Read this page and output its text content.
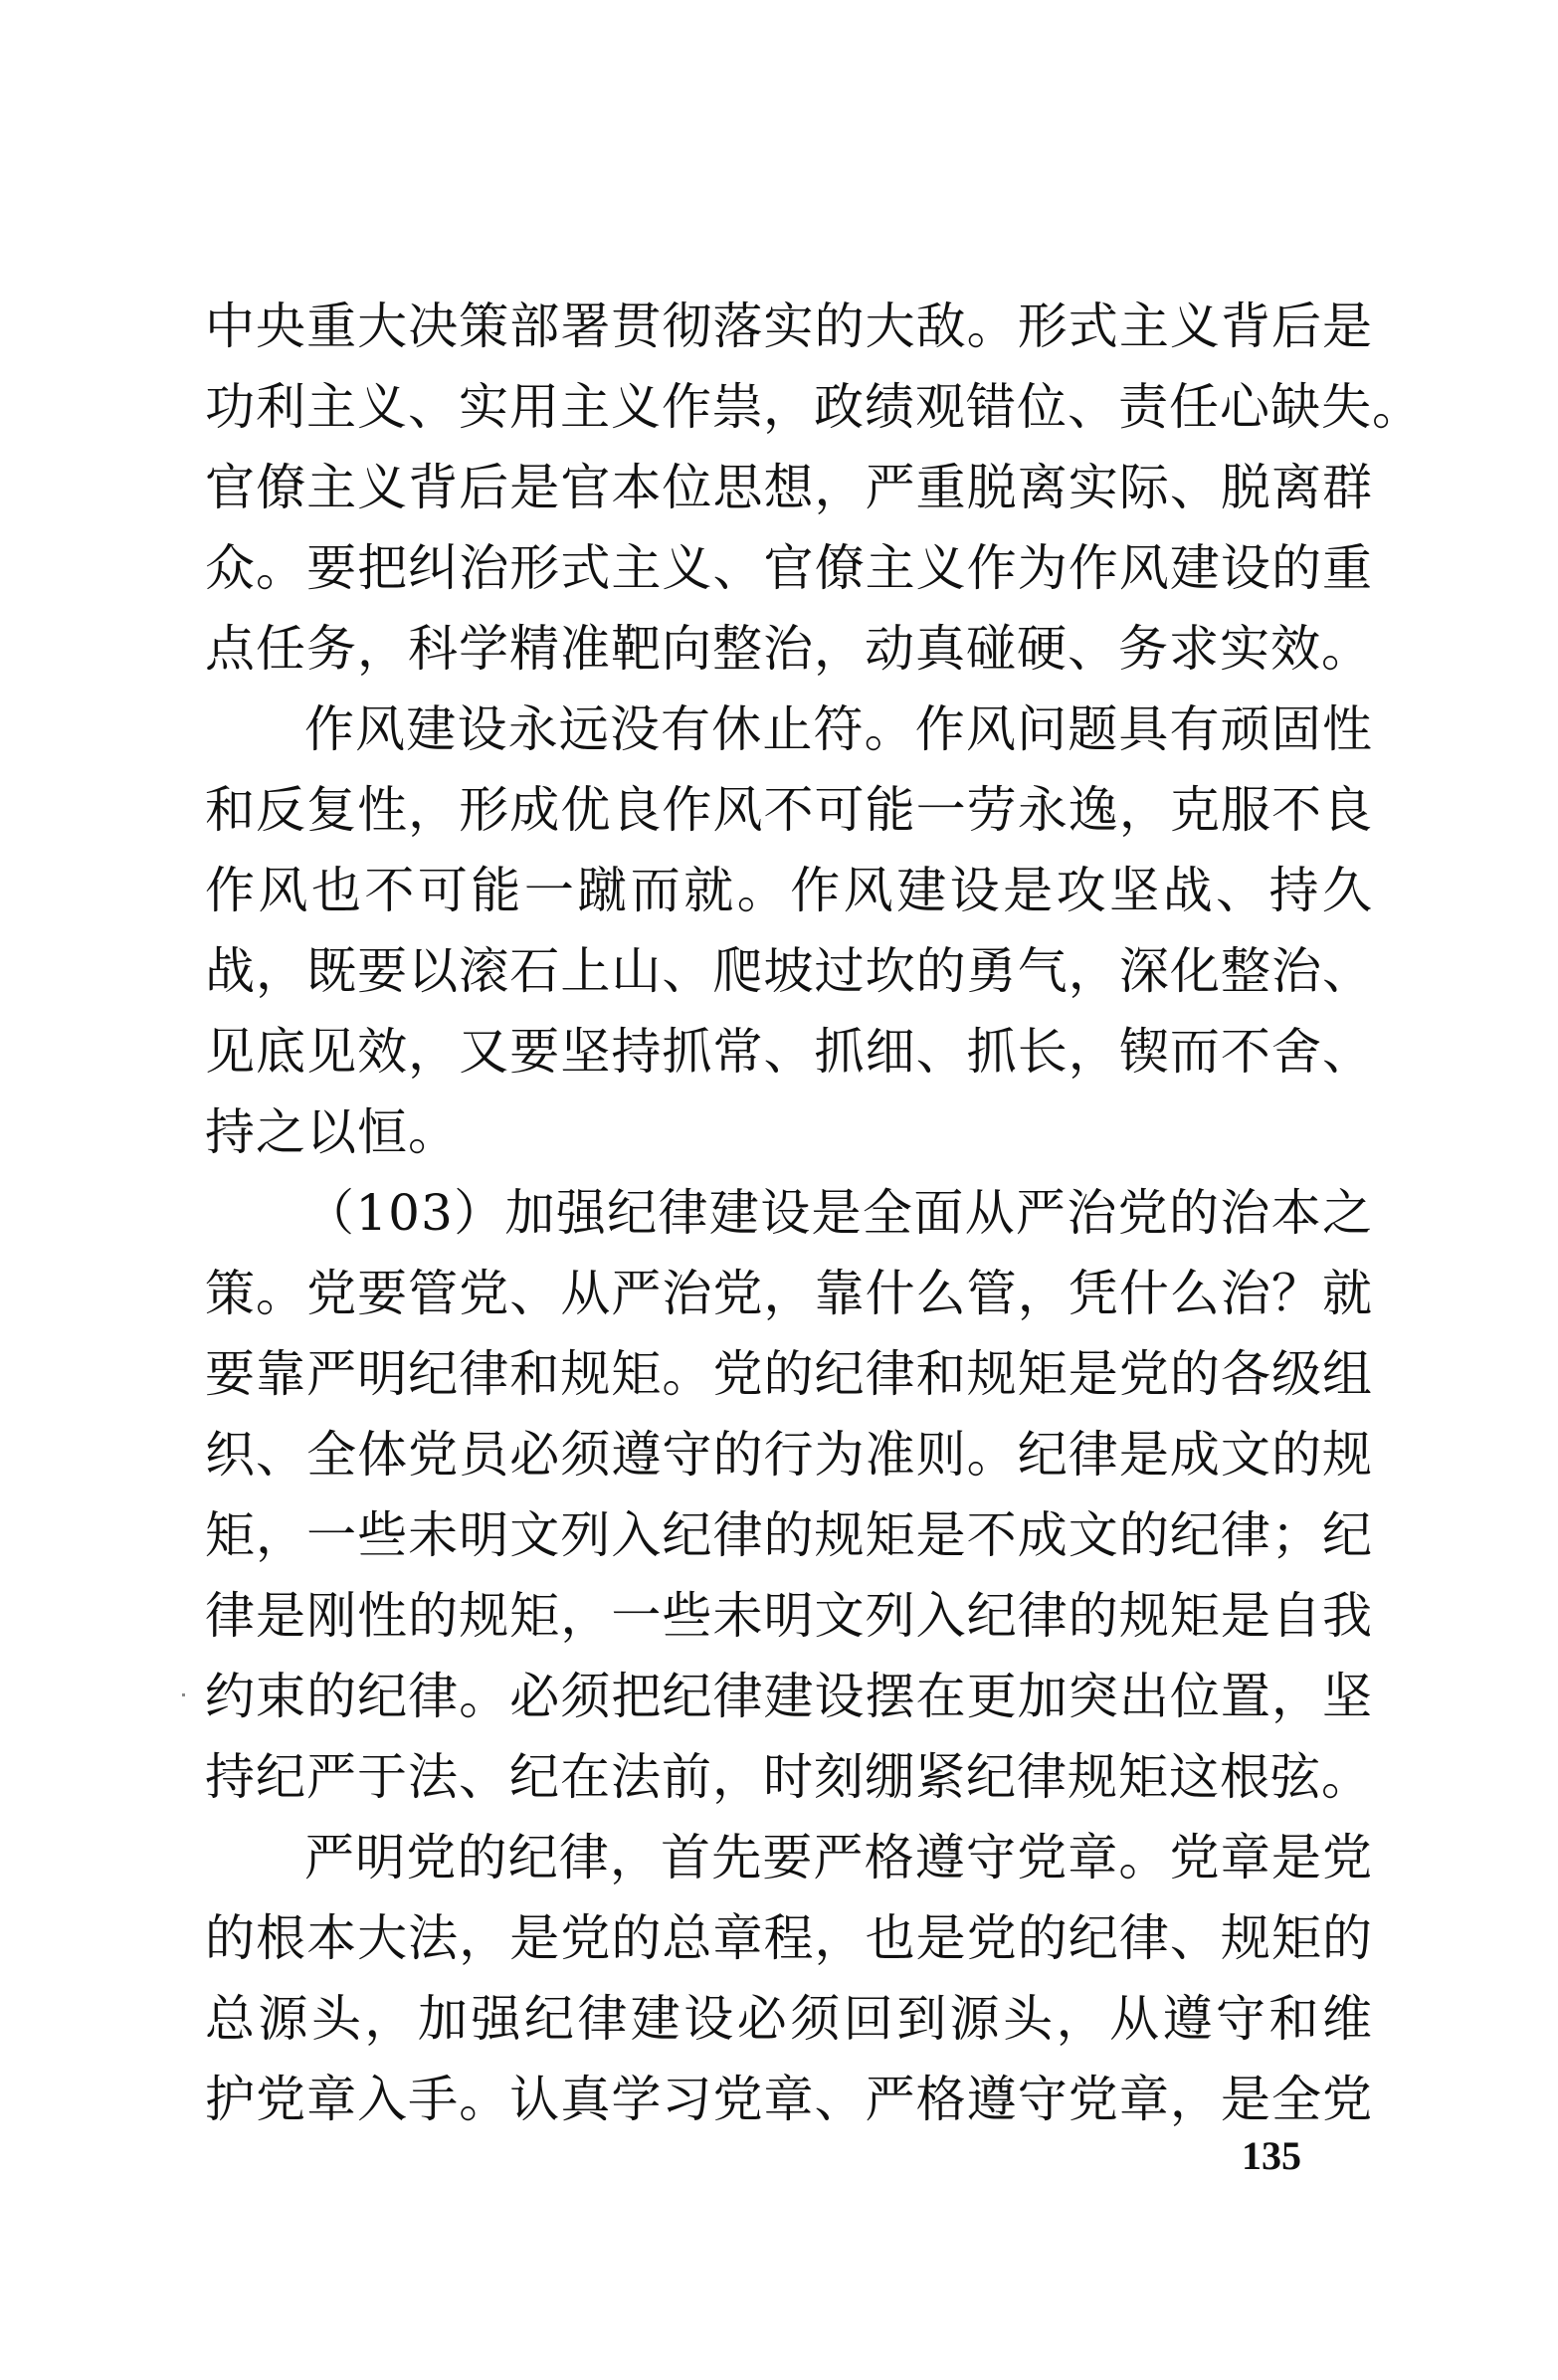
中央重大决策部署贯彻落实的大敌。形式主义背后是
功利主义、实用主义作祟，政绩观错位、责任心缺失。
官僚主义背后是官本位思想，严重脱离实际、脱离群
众。要把纠治形式主义、官僚主义作为作风建设的重
点任务，科学精准靶向整治，动真碰硬、务求实效。
作风建设永远没有休止符。作风问题具有顽固性
和反复性，形成优良作风不可能一劳永逸，克服不良
作风也不可能一蹴而就。作风建设是攻坚战、持久
战，既要以滚石上山、爬坡过坎的勇气，深化整治、
见底见效，又要坚持抓常、抓细、抓长，锲而不舍、
持之以恒。
（103）加强纪律建设是全面从严治党的治本之
策。党要管党、从严治党，靠什么管，凭什么治？就
要靠严明纪律和规矩。党的纪律和规矩是党的各级组
织、全体党员必须遵守的行为准则。纪律是成文的规
矩，一些未明文列入纪律的规矩是不成文的纪律；纪
律是刚性的规矩，一些未明文列入纪律的规矩是自我
约束的纪律。必须把纪律建设摆在更加突出位置，坚
持纪严于法、纪在法前，时刻绷紧纪律规矩这根弦。
严明党的纪律，首先要严格遵守党章。党章是党
的根本大法，是党的总章程，也是党的纪律、规矩的
总源头，加强纪律建设必须回到源头，从遵守和维
护党章入手。认真学习党章、严格遵守党章，是全党
135
